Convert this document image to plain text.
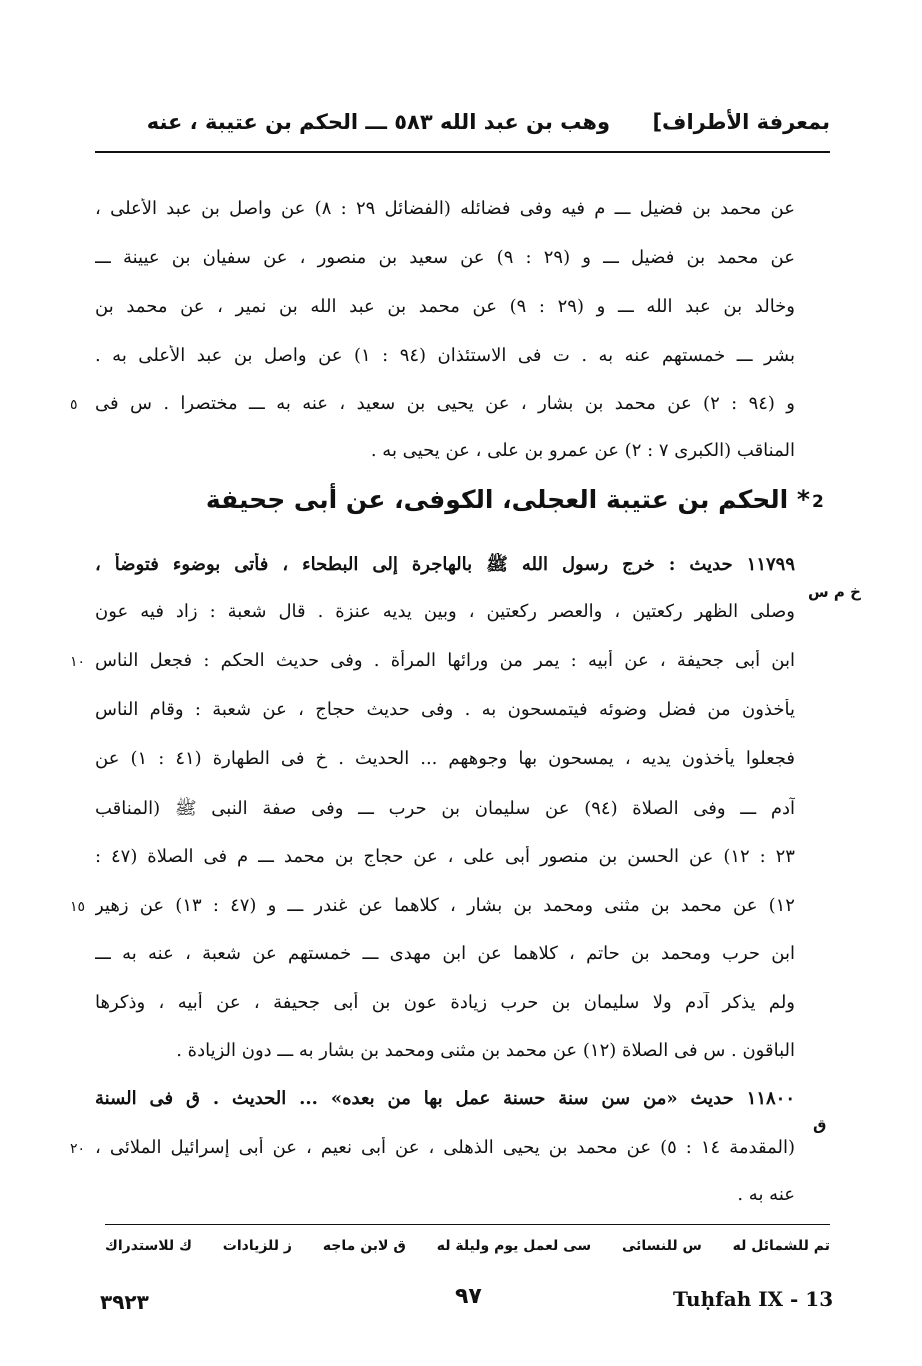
بمعرفة الأطراف]
وهب بن عبد الله ٥٨٣ ـــ الحكم بن عتيبة ، عنه
عن محمد بن فضيل ـــ م فيه وفى فضائله (الفضائل ٢٩ : ٨) عن واصل بن عبد الأعلى ،
عن محمد بن فضيل ـــ و (٢٩ : ٩) عن سعيد بن منصور ، عن سفيان بن عيينة ـــ
وخالد بن عبد الله ـــ و (٢٩ : ٩) عن محمد بن عبد الله بن نمير ، عن محمد بن
بشر ـــ خمستهم عنه به . ت فى الاستئذان (٩٤ : ١) عن واصل بن عبد الأعلى به .
و (٩٤ : ٢) عن محمد بن بشار ، عن يحيى بن سعيد ، عنه به ـــ مختصرا . س فى
المناقب (الكبرى ٧ : ٢) عن عمرو بن على ، عن يحيى به .
٥
2
* الحكم بن عتيبة العجلى، الكوفى، عن أبى جحيفة
١١٧٩٩ حديث : خرج رسول الله ﷺ بالهاجرة إلى البطحاء ، فأتى بوضوء فتوضأ ،
خ م س
وصلى الظهر ركعتين ، والعصر ركعتين ، وبين يديه عنزة . قال شعبة : زاد فيه عون
ابن أبى جحيفة ، عن أبيه : يمر من ورائها المرأة . وفى حديث الحكم : فجعل الناس
١٠
يأخذون من فضل وضوئه فيتمسحون به . وفى حديث حجاج ، عن شعبة : وقام الناس
فجعلوا يأخذون يديه ، يمسحون بها وجوههم ... الحديث . خ فى الطهارة (٤١ : ١) عن
آدم ـــ وفى الصلاة (٩٤) عن سليمان بن حرب ـــ وفى صفة النبى ﷺ (المناقب
٢٣ : ١٢) عن الحسن بن منصور أبى على ، عن حجاج بن محمد ـــ م فى الصلاة (٤٧ :
١٢) عن محمد بن مثنى ومحمد بن بشار ، كلاهما عن غندر ـــ و (٤٧ : ١٣) عن زهير
١٥
ابن حرب ومحمد بن حاتم ، كلاهما عن ابن مهدى ـــ خمستهم عن شعبة ، عنه به ـــ
ولم يذكر آدم ولا سليمان بن حرب زيادة عون بن أبى جحيفة ، عن أبيه ، وذكرها
الباقون . س فى الصلاة (١٢) عن محمد بن مثنى ومحمد بن بشار به ـــ دون الزيادة .
١١٨٠٠ حديث «من سن سنة حسنة عمل بها من بعده» ... الحديث . ق فى السنة
ق
(المقدمة ١٤ : ٥) عن محمد بن يحيى الذهلى ، عن أبى نعيم ، عن أبى إسرائيل الملائى ،
٢٠
عنه به .
تم للشمائل له
س للنسائى
سى لعمل يوم وليلة له
ق لابن ماجه
ز للزيادات
ك للاستدراك
٣٩٢٣	٩٧	Tuḥfah IX - 13
